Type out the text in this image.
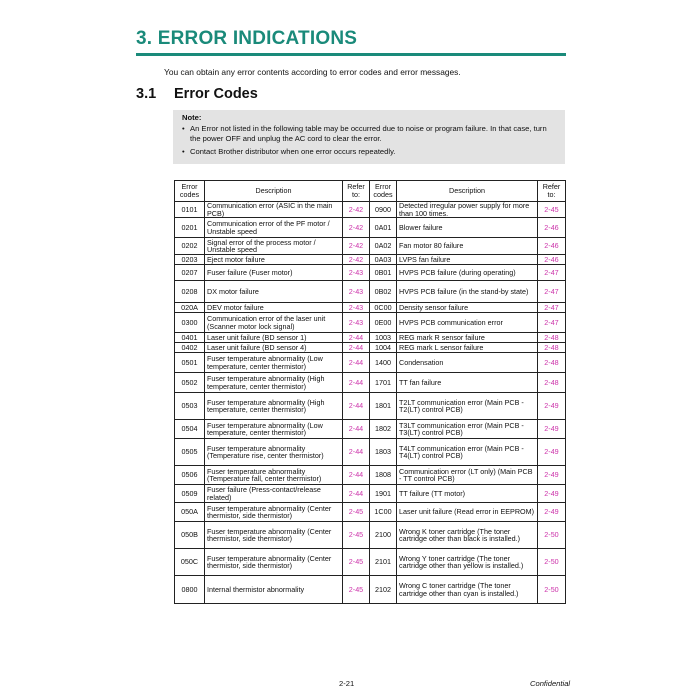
3. ERROR INDICATIONS
You can obtain any error contents according to error codes and error messages.
3.1 Error Codes
Note:
• An Error not listed in the following table may be occurred due to noise or program failure. In that case, turn the power OFF and unplug the AC cord to clear the error.
• Contact Brother distributor when one error occurs repeatedly.
Error codes	Description	Refer to:	Error codes	Description	Refer to:
0101	Communication error (ASIC in the main PCB)	2-42	0900	Detected irregular power supply for more than 100 times.	2-45
0201	Communication error of the PF motor / Unstable speed	2-42	0A01	Blower failure	2-46
0202	Signal error of the process motor / Unstable speed	2-42	0A02	Fan motor 80 failure	2-46
0203	Eject motor failure	2-42	0A03	LVPS fan failure	2-46
0207	Fuser failure (Fuser motor)	2-43	0B01	HVPS PCB failure (during operating)	2-47
0208	DX motor failure	2-43	0B02	HVPS PCB failure (in the stand-by state)	2-47
020A	DEV motor failure	2-43	0C00	Density sensor failure	2-47
0300	Communication error of the laser unit (Scanner motor lock signal)	2-43	0E00	HVPS PCB communication error	2-47
0401	Laser unit failure (BD sensor 1)	2-44	1003	REG mark R sensor failure	2-48
0402	Laser unit failure (BD sensor 4)	2-44	1004	REG mark L sensor failure	2-48
0501	Fuser temperature abnormality (Low temperature, center thermistor)	2-44	1400	Condensation	2-48
0502	Fuser temperature abnormality (High temperature, center thermistor)	2-44	1701	TT fan failure	2-48
0503	Fuser temperature abnormality (High temperature, center thermistor)	2-44	1801	T2LT communication error (Main PCB - T2(LT) control PCB)	2-49
0504	Fuser temperature abnormality (Low temperature, center thermistor)	2-44	1802	T3LT communication error (Main PCB - T3(LT) control PCB)	2-49
0505	Fuser temperature abnormality (Temperature rise, center thermistor)	2-44	1803	T4LT communication error (Main PCB - T4(LT) control PCB)	2-49
0506	Fuser temperature abnormality (Temperature fall, center thermistor)	2-44	1808	Communication error (LT only) (Main PCB - TT control PCB)	2-49
0509	Fuser failure (Press-contact/release related)	2-44	1901	TT failure (TT motor)	2-49
050A	Fuser temperature abnormality (Center thermistor, side thermistor)	2-45	1C00	Laser unit failure (Read error in EEPROM)	2-49
050B	Fuser temperature abnormality (Center thermistor, side thermistor)	2-45	2100	Wrong K toner cartridge (The toner cartridge other than black is installed.)	2-50
050C	Fuser temperature abnormality (Center thermistor, side thermistor)	2-45	2101	Wrong Y toner cartridge (The toner cartridge other than yellow is installed.)	2-50
0800	Internal thermistor abnormality	2-45	2102	Wrong C toner cartridge (The toner cartridge other than cyan is installed.)	2-50
2-21	Confidential
